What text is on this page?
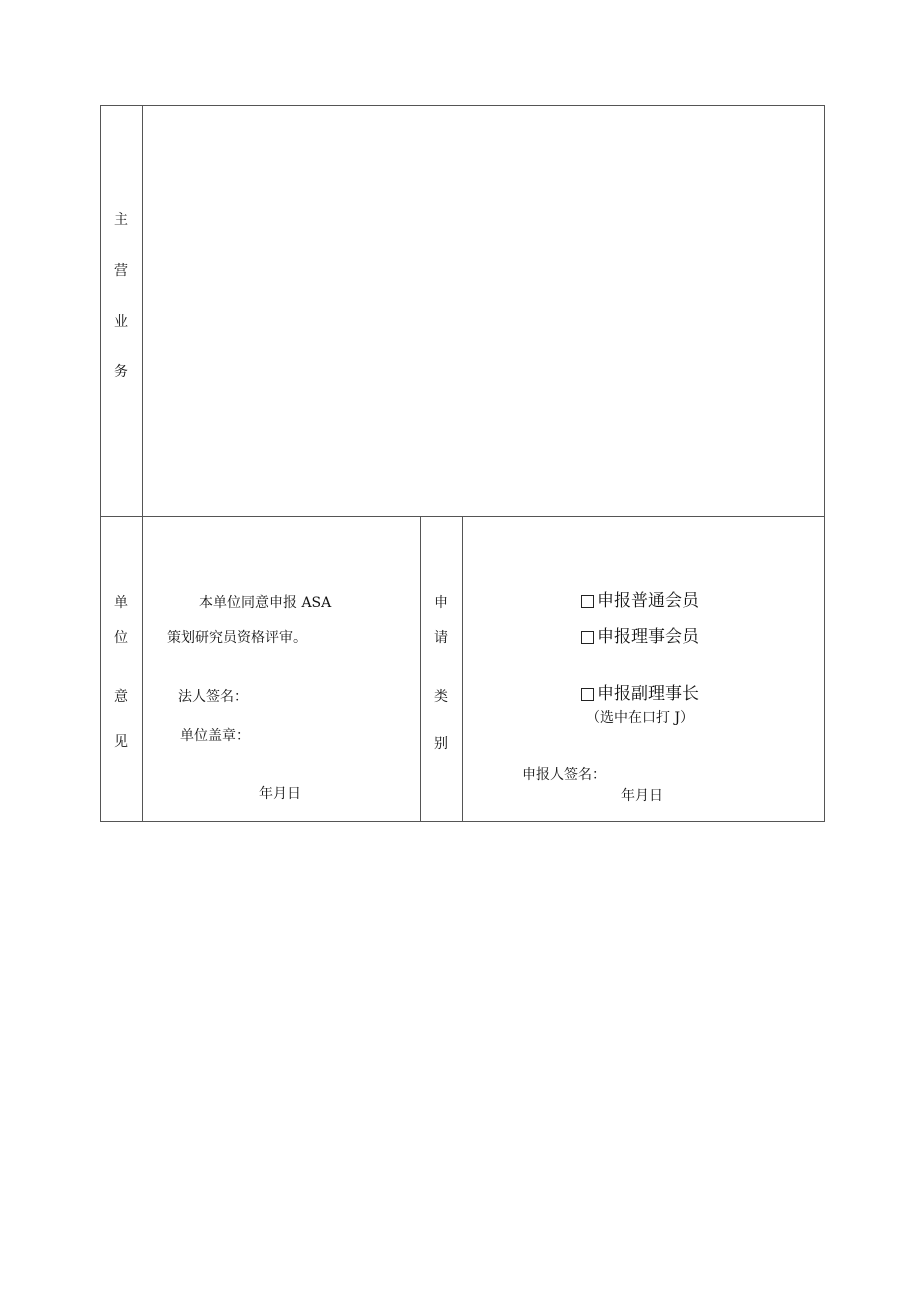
主
营
业
务
单
位
意
见
本单位同意申报 ASA
策划研究员资格评审。
法人签名：
单位盖章：
年月日
申
请
类
别
申报普通会员
申报理事会员
申报副理事长
（选中在口打 J）
申报人签名：
年月日
